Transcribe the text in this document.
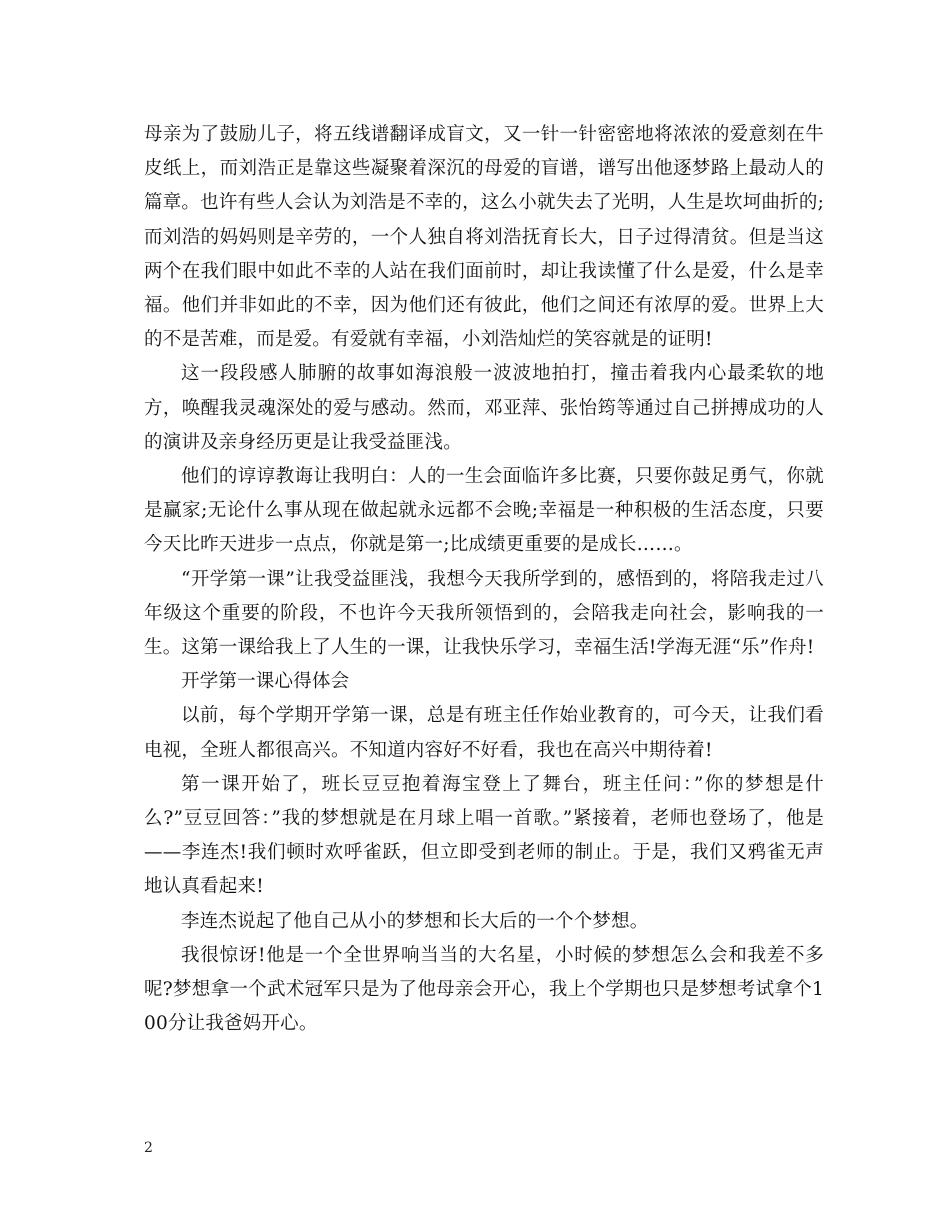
母亲为了鼓励儿子，将五线谱翻译成盲文，又一针一针密密地将浓浓的爱意刻在牛皮纸上，而刘浩正是靠这些凝聚着深沉的母爱的盲谱，谱写出他逐梦路上最动人的篇章。也许有些人会认为刘浩是不幸的，这么小就失去了光明，人生是坎坷曲折的;而刘浩的妈妈则是辛劳的，一个人独自将刘浩抚育长大，日子过得清贫。但是当这两个在我们眼中如此不幸的人站在我们面前时，却让我读懂了什么是爱，什么是幸福。他们并非如此的不幸，因为他们还有彼此，他们之间还有浓厚的爱。世界上大的不是苦难，而是爱。有爱就有幸福，小刘浩灿烂的笑容就是的证明!

这一段段感人肺腑的故事如海浪般一波波地拍打，撞击着我内心最柔软的地方，唤醒我灵魂深处的爱与感动。然而，邓亚萍、张怡筠等通过自己拼搏成功的人的演讲及亲身经历更是让我受益匪浅。

他们的谆谆教诲让我明白：人的一生会面临许多比赛，只要你鼓足勇气，你就是赢家;无论什么事从现在做起就永远都不会晚;幸福是一种积极的生活态度，只要今天比昨天进步一点点，你就是第一;比成绩更重要的是成长……。

“开学第一课”让我受益匪浅，我想今天我所学到的，感悟到的，将陪我走过八年级这个重要的阶段，不也许今天我所领悟到的，会陪我走向社会，影响我的一生。这第一课给我上了人生的一课，让我快乐学习，幸福生活!学海无涯“乐”作舟!

开学第一课心得体会

以前，每个学期开学第一课，总是有班主任作始业教育的，可今天，让我们看电视，全班人都很高兴。不知道内容好不好看，我也在高兴中期待着!

第一课开始了，班长豆豆抱着海宝登上了舞台，班主任问：”你的梦想是什么?”豆豆回答：”我的梦想就是在月球上唱一首歌。”紧接着，老师也登场了，他是——李连杰!我们顿时欢呼雀跃，但立即受到老师的制止。于是，我们又鸦雀无声地认真看起来!

李连杰说起了他自己从小的梦想和长大后的一个个梦想。

我很惊讶!他是一个全世界响当当的大名星，小时候的梦想怎么会和我差不多呢?梦想拿一个武术冠军只是为了他母亲会开心，我上个学期也只是梦想考试拿个100分让我爸妈开心。

2
